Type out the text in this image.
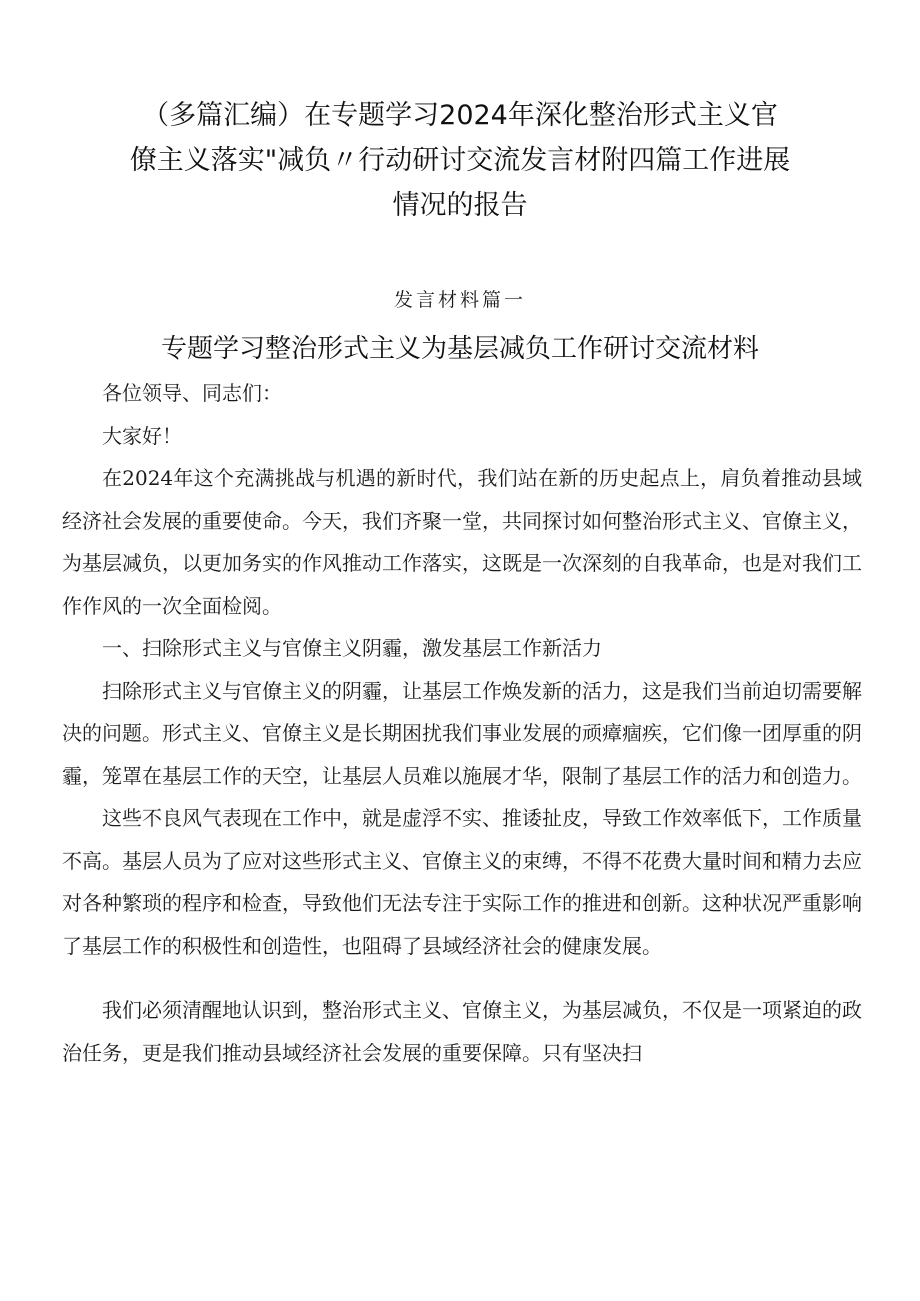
（多篇汇编）在专题学习2024年深化整治形式主义官
僚主义落实"减负〃行动研讨交流发言材附四篇工作进展
情况的报告
发言材料篇一
专题学习整治形式主义为基层减负工作研讨交流材料

各位领导、同志们：

大家好！

在2024年这个充满挑战与机遇的新时代，我们站在新的历史起点上，肩负着推动县域经济社会发展的重要使命。今天，我们齐聚一堂，共同探讨如何整治形式主义、官僚主义，为基层减负，以更加务实的作风推动工作落实，这既是一次深刻的自我革命，也是对我们工作作风的一次全面检阅。

一、扫除形式主义与官僚主义阴霾，激发基层工作新活力

扫除形式主义与官僚主义的阴霾，让基层工作焕发新的活力，这是我们当前迫切需要解决的问题。形式主义、官僚主义是长期困扰我们事业发展的顽瘴痼疾，它们像一团厚重的阴霾，笼罩在基层工作的天空，让基层人员难以施展才华，限制了基层工作的活力和创造力。

这些不良风气表现在工作中，就是虚浮不实、推诿扯皮，导致工作效率低下，工作质量不高。基层人员为了应对这些形式主义、官僚主义的束缚，不得不花费大量时间和精力去应对各种繁琐的程序和检查，导致他们无法专注于实际工作的推进和创新。这种状况严重影响了基层工作的积极性和创造性，也阻碍了县域经济社会的健康发展。

我们必须清醒地认识到，整治形式主义、官僚主义，为基层减负，不仅是一项紧迫的政治任务，更是我们推动县域经济社会发展的重要保障。只有坚决扫
